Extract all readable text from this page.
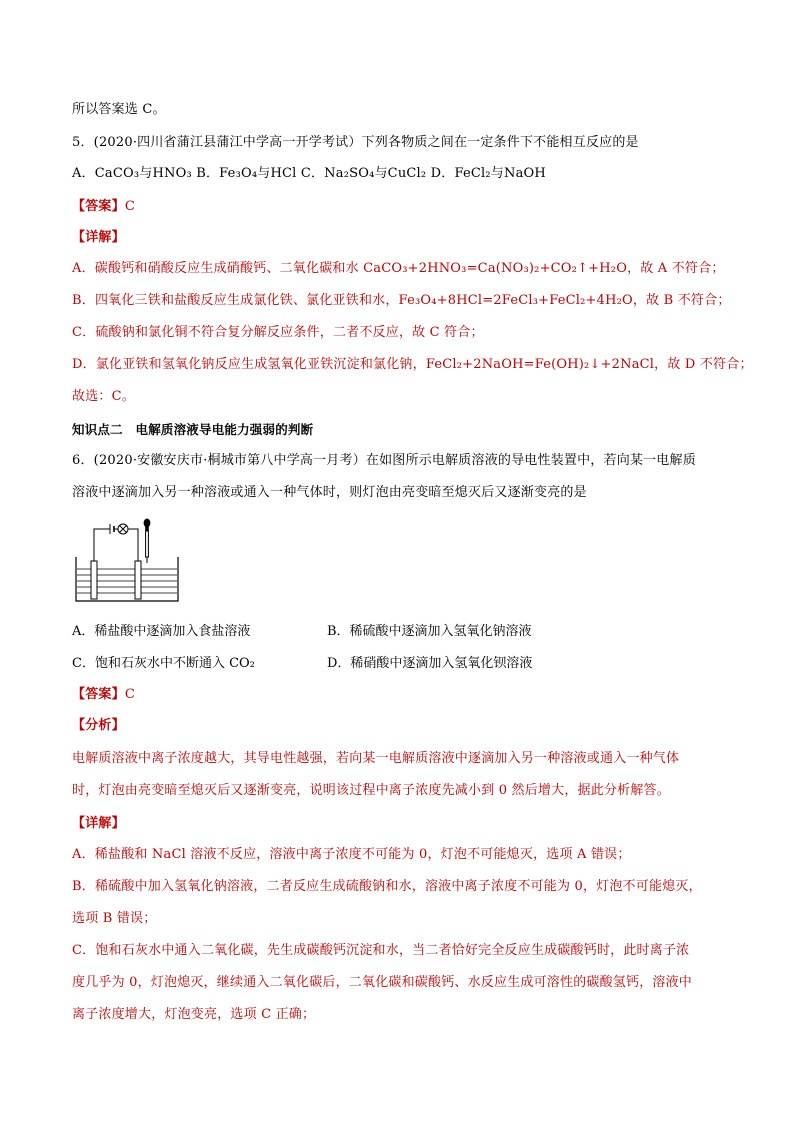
所以答案选 C。
5．(2020·四川省蒲江县蒲江中学高一开学考试）下列各物质之间在一定条件下不能相互反应的是
A．CaCO₃与HNO₃ B．Fe₃O₄与HCl C．Na₂SO₄与CuCl₂ D．FeCl₂与NaOH
【答案】C
【详解】
A．碳酸钙和硝酸反应生成硝酸钙、二氧化碳和水 CaCO₃+2HNO₃=Ca(NO₃)₂+CO₂↑+H₂O，故 A 不符合；
B．四氧化三铁和盐酸反应生成氯化铁、氯化亚铁和水，Fe₃O₄+8HCl=2FeCl₃+FeCl₂+4H₂O，故 B 不符合；
C．硫酸钠和氯化铜不符合复分解反应条件，二者不反应，故 C 符合；
D．氯化亚铁和氢氧化钠反应生成氢氧化亚铁沉淀和氯化钠，FeCl₂+2NaOH=Fe(OH)₂↓+2NaCl，故 D 不符合；
故选：C。
知识点二　电解质溶液导电能力强弱的判断
6．(2020·安徽安庆市·桐城市第八中学高一月考）在如图所示电解质溶液的导电性装置中，若向某一电解质
溶液中逐滴加入另一种溶液或通入一种气体时，则灯泡由亮变暗至熄灭后又逐渐变亮的是
A．稀盐酸中逐滴加入食盐溶液	B．稀硫酸中逐滴加入氢氧化钠溶液
C．饱和石灰水中不断通入 CO₂	D．稀硝酸中逐滴加入氢氧化钡溶液
【答案】C
【分析】
电解质溶液中离子浓度越大，其导电性越强，若向某一电解质溶液中逐滴加入另一种溶液或通入一种气体
时，灯泡由亮变暗至熄灭后又逐渐变亮，说明该过程中离子浓度先减小到 0 然后增大，据此分析解答。
【详解】
A．稀盐酸和 NaCl 溶液不反应，溶液中离子浓度不可能为 0，灯泡不可能熄灭，选项 A 错误；
B．稀硫酸中加入氢氧化钠溶液，二者反应生成硫酸钠和水，溶液中离子浓度不可能为 0，灯泡不可能熄灭，
选项 B 错误；
C．饱和石灰水中通入二氧化碳，先生成碳酸钙沉淀和水，当二者恰好完全反应生成碳酸钙时，此时离子浓
度几乎为 0，灯泡熄灭，继续通入二氧化碳后，二氧化碳和碳酸钙、水反应生成可溶性的碳酸氢钙，溶液中
离子浓度增大，灯泡变亮，选项 C 正确；
